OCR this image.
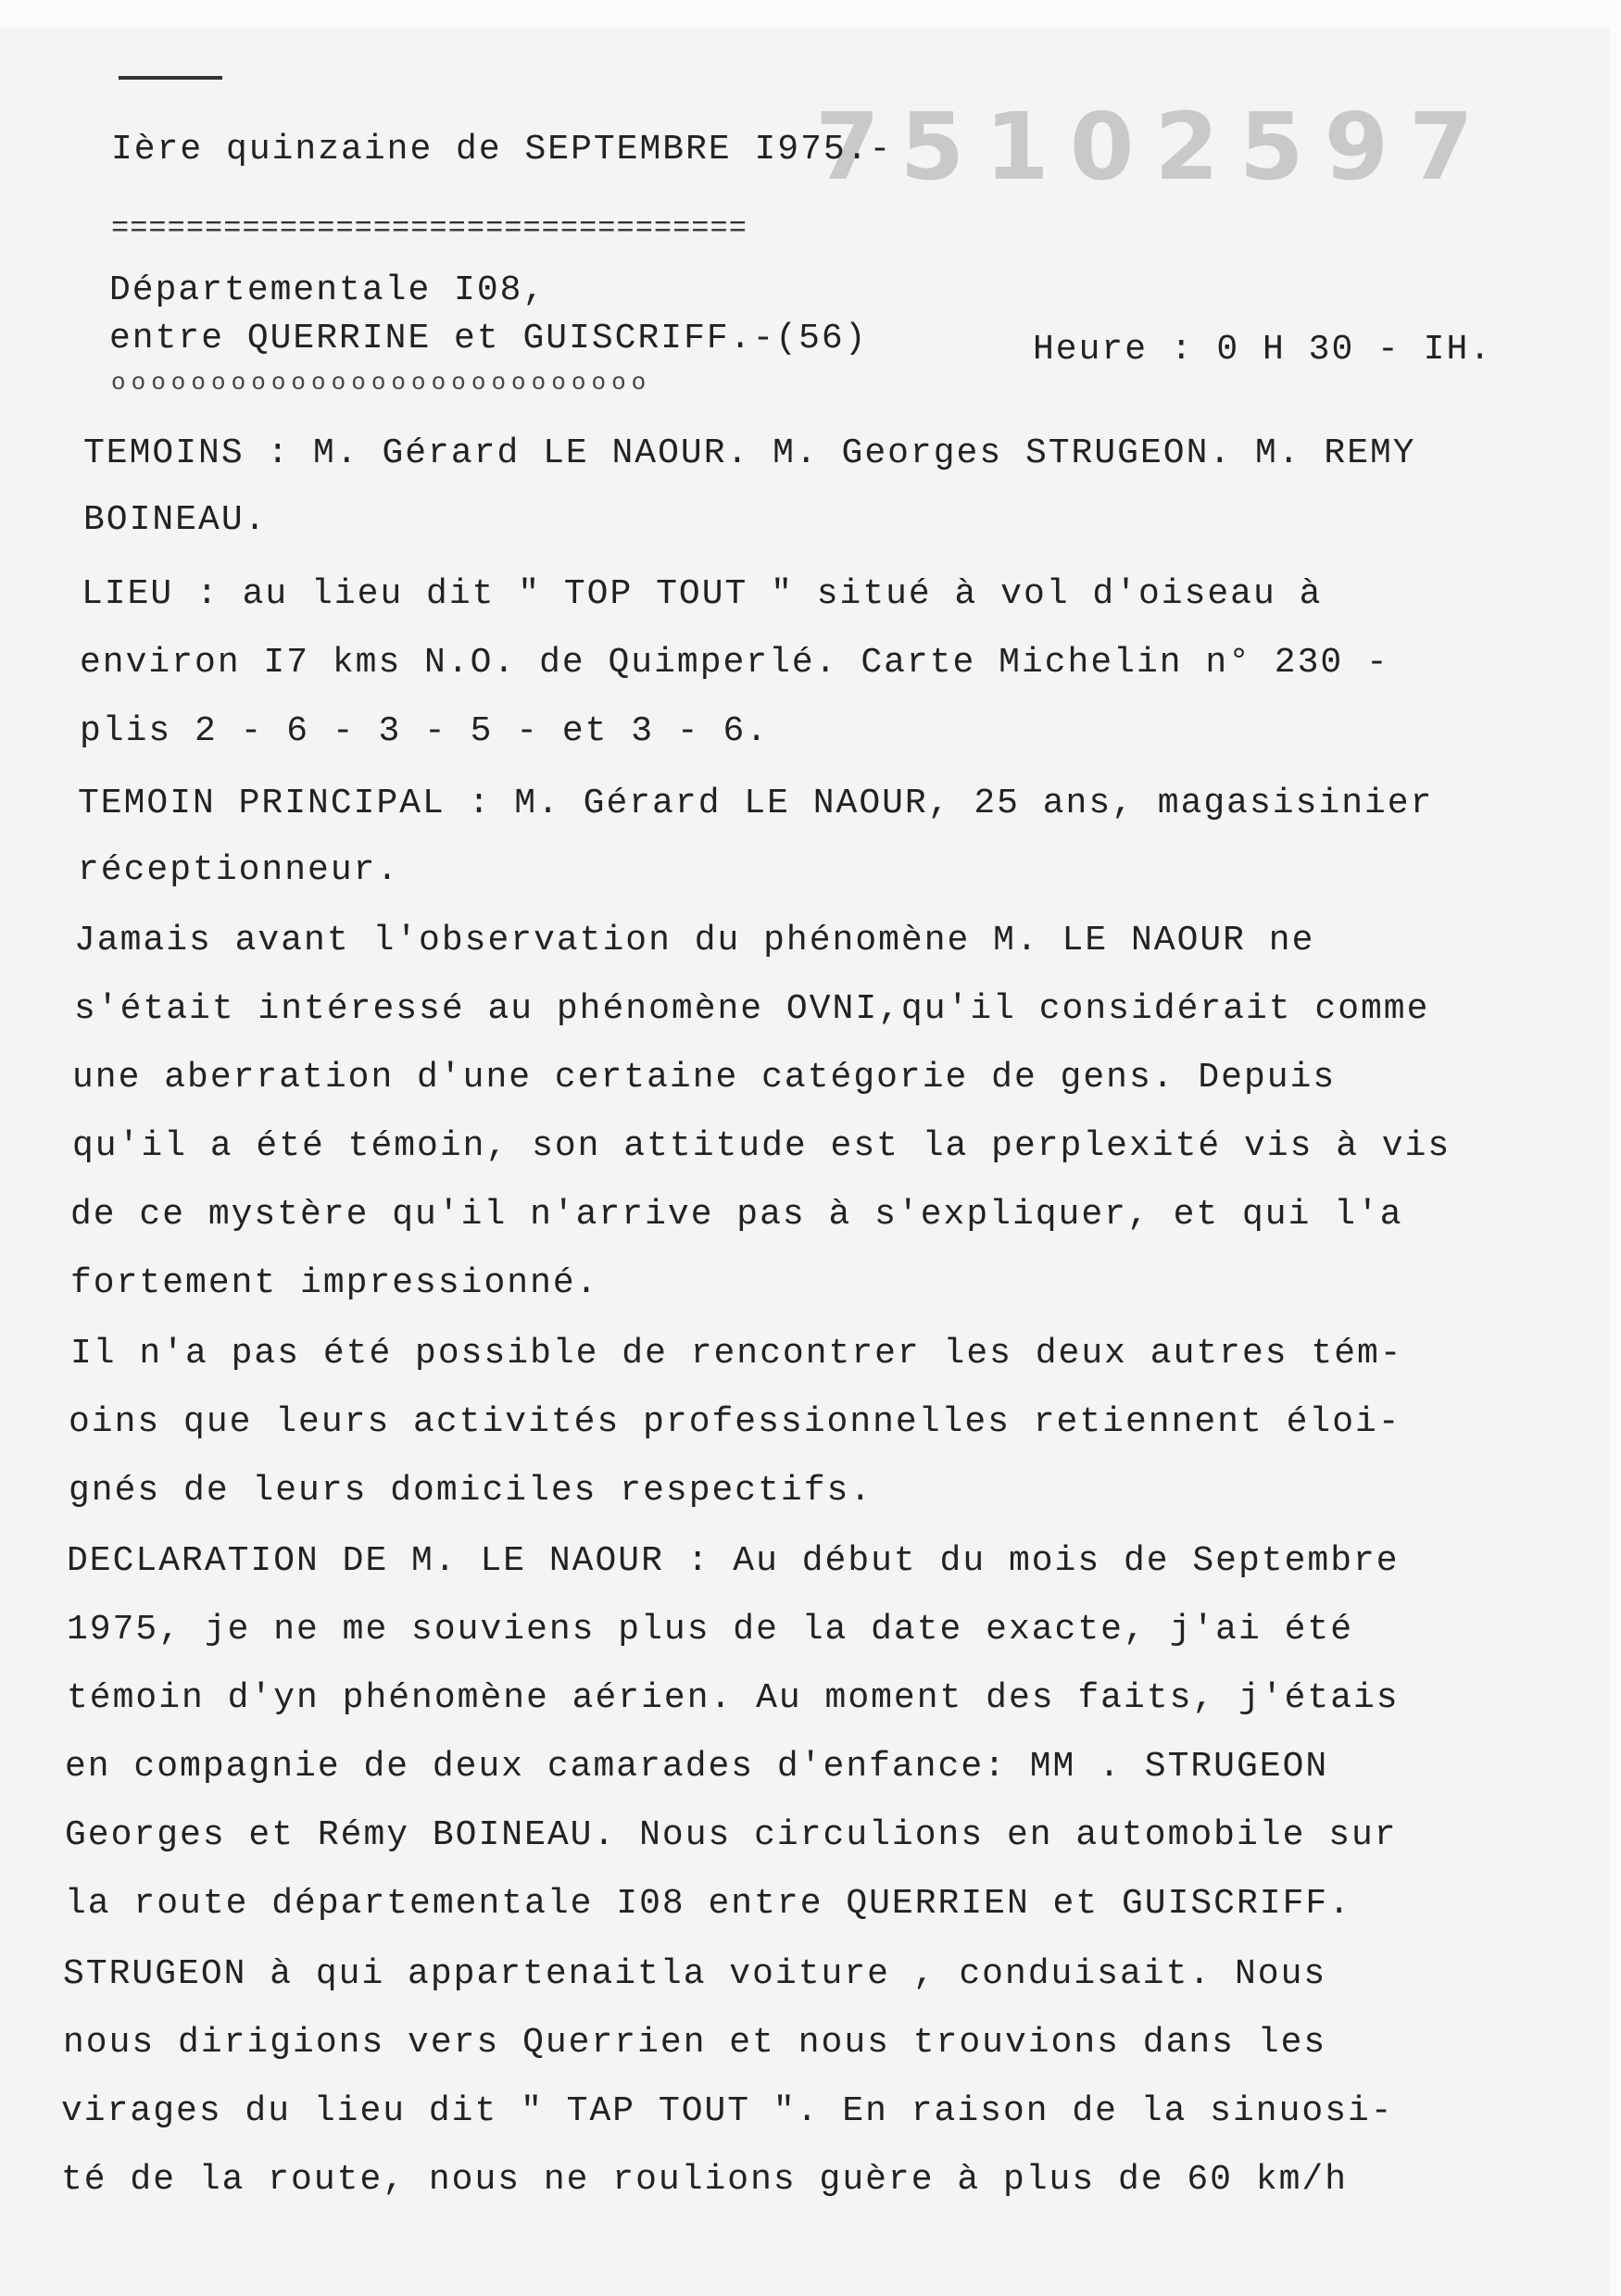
75102597
Ière quinzaine de SEPTEMBRE I975.-
==================================
Départementale I08,
entre QUERRINE et GUISCRIFF.-(56)	Heure : 0 H 30 - IH.
ooooooooooooooooooooooooooo
TEMOINS : M. Gérard LE NAOUR. M. Georges STRUGEON. M. REMY
BOINEAU.
LIEU : au lieu dit " TOP TOUT " situé à vol d'oiseau à
environ I7 kms N.O. de Quimperlé. Carte Michelin n° 230 -
plis 2 - 6 - 3 - 5 - et 3 - 6.
TEMOIN PRINCIPAL : M. Gérard LE NAOUR, 25 ans, magasisinier
réceptionneur.
Jamais avant l'observation du phénomène M. LE NAOUR ne
s'était intéressé au phénomène OVNI,qu'il considérait comme
une aberration d'une certaine catégorie de gens. Depuis
qu'il a été témoin, son attitude est la perplexité vis à vis
de ce mystère qu'il n'arrive pas à s'expliquer, et qui l'a
fortement impressionné.
Il n'a pas été possible de rencontrer les deux autres tém-
oins que leurs activités professionnelles retiennent éloi-
gnés de leurs domiciles respectifs.
DECLARATION DE M. LE NAOUR : Au début du mois de Septembre
1975, je ne me souviens plus de la date exacte, j'ai été
témoin d'yn phénomène aérien. Au moment des faits, j'étais
en compagnie de deux camarades d'enfance: MM . STRUGEON
Georges et Rémy BOINEAU. Nous circulions en automobile sur
la route départementale I08 entre QUERRIEN et GUISCRIFF.
STRUGEON à qui appartenaitla voiture , conduisait. Nous
nous dirigions vers Querrien et nous trouvions dans les
virages du lieu dit " TAP TOUT ". En raison de la sinuosi-
té de la route, nous ne roulions guère à plus de 60 km/h
